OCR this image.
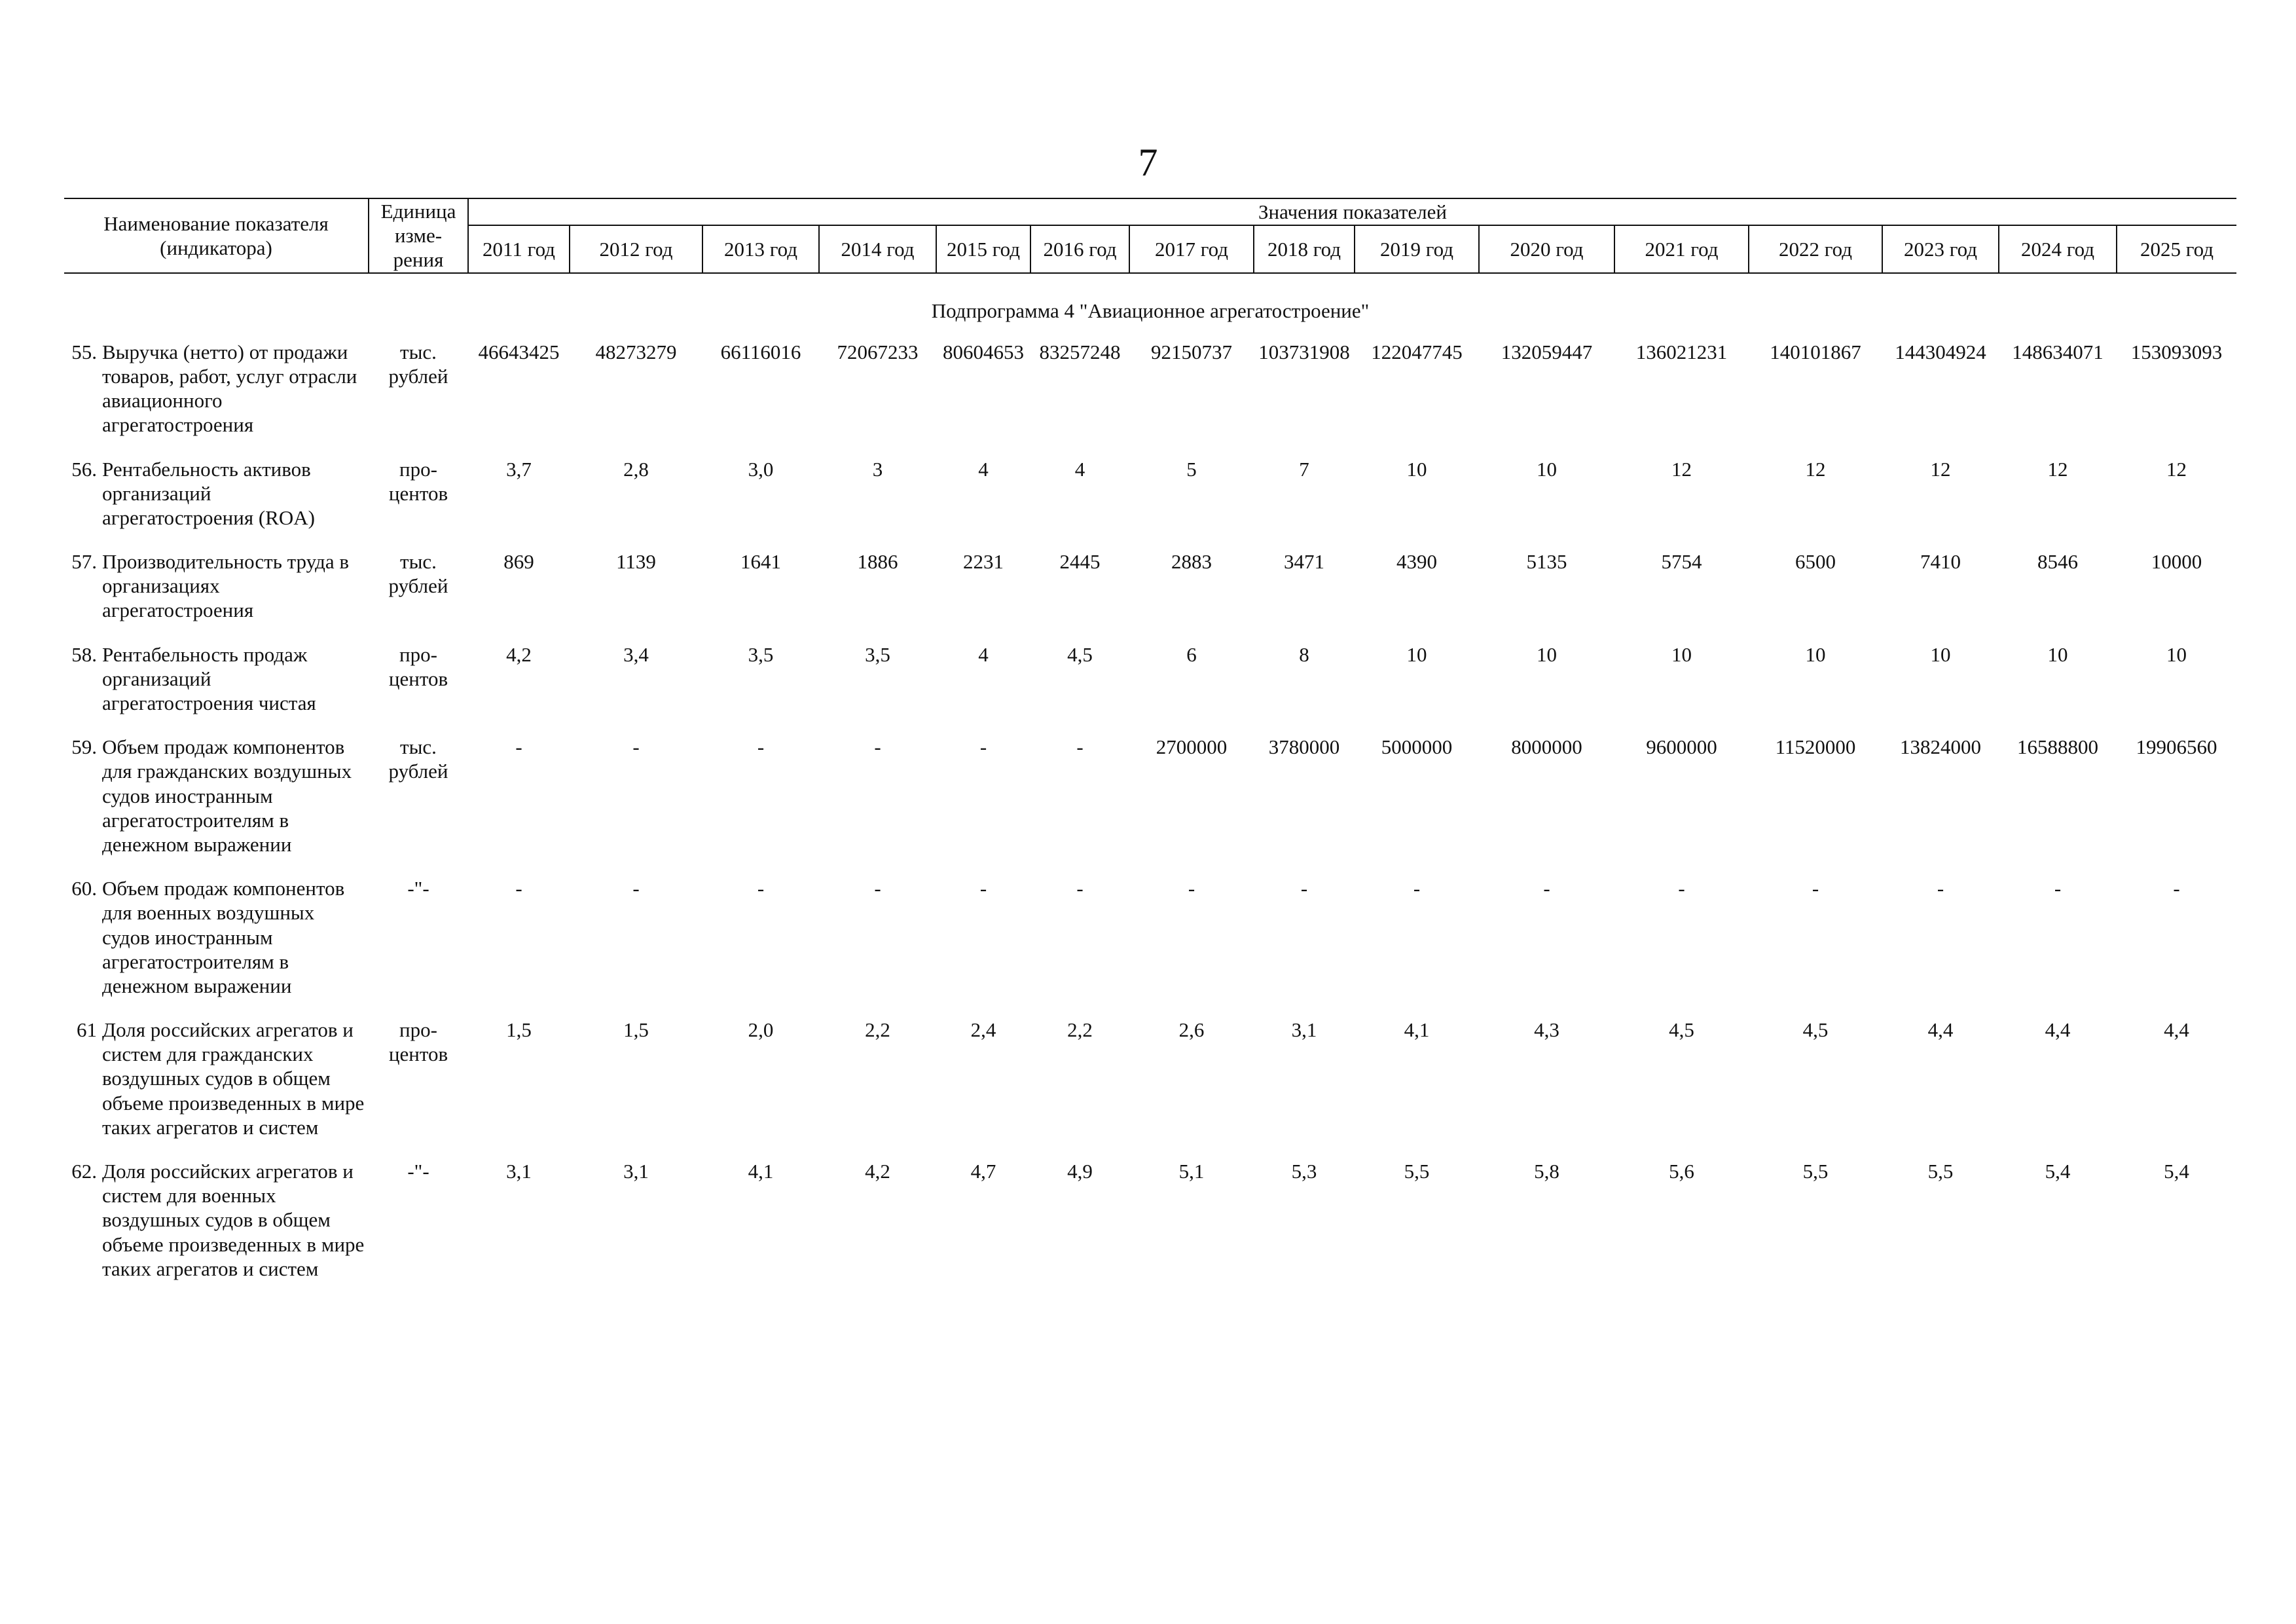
7
Наименование показателя (индикатора)	Единица изме-рения	Значения показателей														
		2011 год	2012 год	2013 год	2014 год	2015 год	2016 год	2017 год	2018 год	2019 год	2020 год	2021 год	2022 год	2023 год	2024 год	2025 год
Подпрограмма 4 "Авиационное агрегатостроение"																

55. Выручка (нетто) от продажи товаров, работ, услуг отрасли авиационного агрегатостроения	тыс. рублей	46643425	48273279	66116016	72067233	80604653	83257248	92150737	103731908	122047745	132059447	136021231	140101867	144304924	148634071	153093093

56. Рентабельность активов организаций агрегатостроения (ROA)	про-центов	3,7	2,8	3,0	3	4	4	5	7	10	10	12	12	12	12	12

57. Производительность труда в организациях агрегатостроения	тыс. рублей	869	1139	1641	1886	2231	2445	2883	3471	4390	5135	5754	6500	7410	8546	10000

58. Рентабельность продаж организаций агрегатостроения чистая	про-центов	4,2	3,4	3,5	3,5	4	4,5	6	8	10	10	10	10	10	10	10

59. Объем продаж компонентов для гражданских воздушных судов иностранным агрегатостроителям в денежном выражении	тыс. рублей	-	-	-	-	-	-	2700000	3780000	5000000	8000000	9600000	11520000	13824000	16588800	19906560

60. Объем продаж компонентов для военных воздушных судов иностранным агрегатостроителям в денежном выражении	-"-	-	-	-	-	-	-	-	-	-	-	-	-	-	-	-

61 Доля российских агрегатов и систем для гражданских воздушных судов в общем объеме произведенных в мире таких агрегатов и систем	про-центов	1,5	1,5	2,0	2,2	2,4	2,2	2,6	3,1	4,1	4,3	4,5	4,5	4,4	4,4	4,4

62. Доля российских агрегатов и систем для военных воздушных судов в общем объеме произведенных в мире таких агрегатов и систем	-"-	3,1	3,1	4,1	4,2	4,7	4,9	5,1	5,3	5,5	5,8	5,6	5,5	5,5	5,4	5,4
